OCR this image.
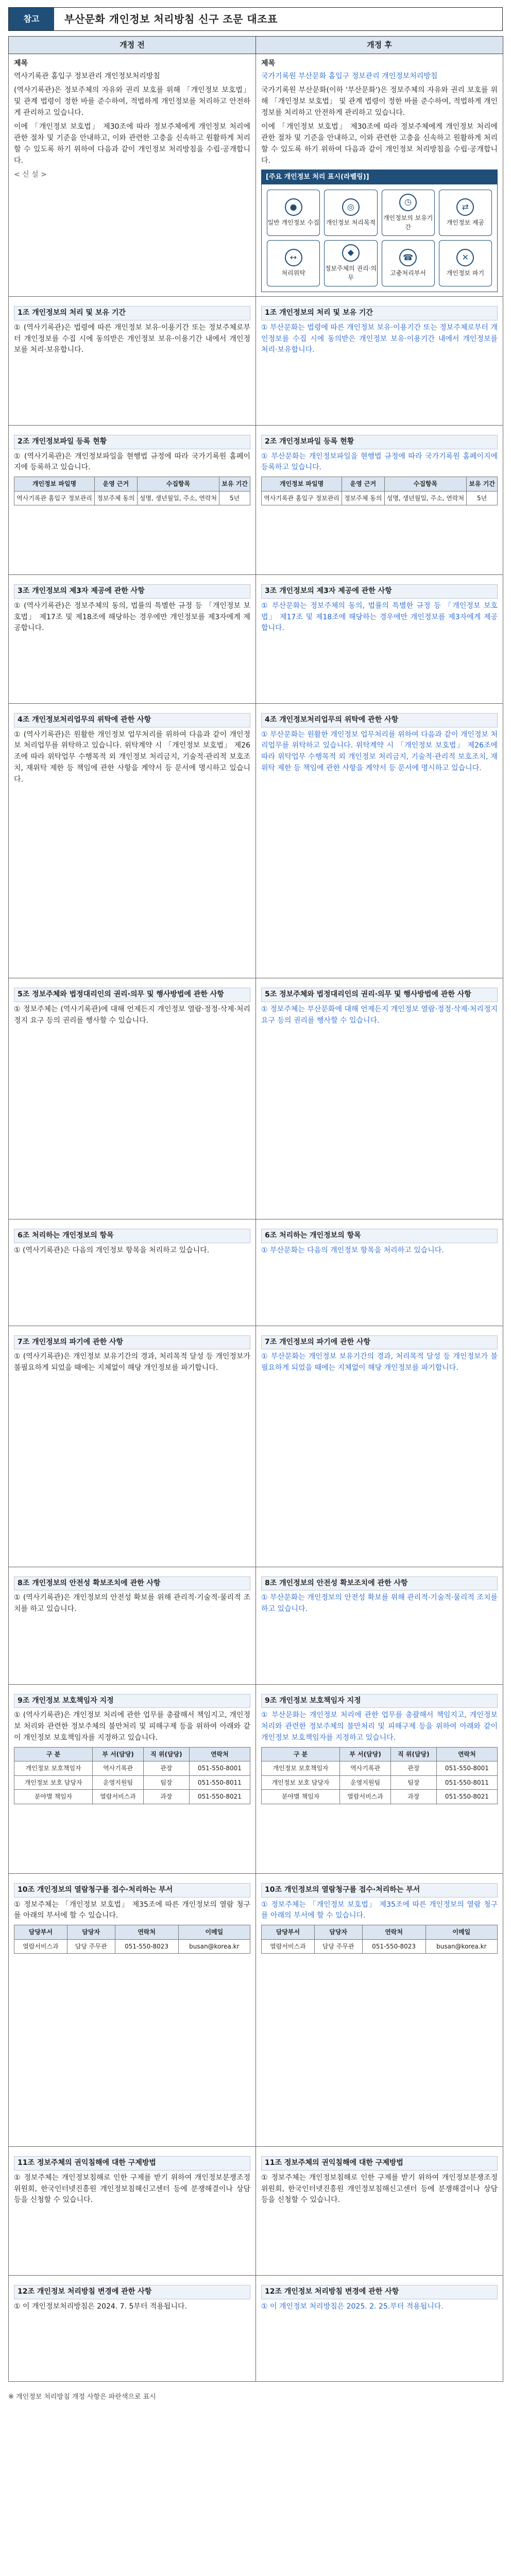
참고	부산문화 개인정보 처리방침 신구 조문 대조표
개정 전	개정 후

제목
역사기록관 홈입구 정보관리 개인정보처리방침
(역사기록관)은 정보주체의 자유와 권리 보호를 위해 「개인정보 보호법」 및 관계 법령이 정한 바를 준수하여, 적법하게 개인정보를 처리하고 안전하게 관리하고 있습니다.
이에 「개인정보 보호법」 제30조에 따라 정보주체에게 개인정보 처리에 관한 절차 및 기준을 안내하고, 이와 관련한 고충을 신속하고 원활하게 처리할 수 있도록 하기 위하여 다음과 같이 개인정보 처리방침을 수립·공개합니다.
< 신 설 >

제목
국가기록원 부산문화 홈입구 정보관리 개인정보처리방침
국가기록원 부산문화(이하 '부산문화')은 정보주체의 자유와 권리 보호를 위해 「개인정보 보호법」 및 관계 법령이 정한 바를 준수하여, 적법하게 개인정보를 처리하고 안전하게 관리하고 있습니다.
이에 「개인정보 보호법」 제30조에 따라 정보주체에게 개인정보 처리에 관한 절차 및 기준을 안내하고, 이와 관련한 고충을 신속하고 원활하게 처리할 수 있도록 하기 위하여 다음과 같이 개인정보 처리방침을 수립·공개합니다.
[주요 개인정보 처리 표시(라벨링)]
●
일반 개인정보 수집
◎
개인정보 처리목적
◷
개인정보의 보유기간
⇄
개인정보 제공
↔
처리위탁
◆
정보주체의 권리·의무
☎
고충처리부서
✕
개인정보 파기

1조 개인정보의 처리 및 보유 기간
① (역사기록관)은 법령에 따른 개인정보 보유·이용기간 또는 정보주체로부터 개인정보를 수집 시에 동의받은 개인정보 보유·이용기간 내에서 개인정보를 처리·보유합니다.

1조 개인정보의 처리 및 보유 기간
① 부산문화는 법령에 따른 개인정보 보유·이용기간 또는 정보주체로부터 개인정보를 수집 시에 동의받은 개인정보 보유·이용기간 내에서 개인정보를 처리·보유합니다.

2조 개인정보파일 등록 현황
① (역사기록관)은 개인정보파일을 현행법 규정에 따라 국가기록원 홈페이지에 등록하고 있습니다.
개인정보 파일명	운영 근거	수집항목	보유 기간
역사기록관 홈입구 정보관리	정보주체 동의	성명, 생년월일, 주소, 연락처	5년

2조 개인정보파일 등록 현황
① 부산문화는 개인정보파일을 현행법 규정에 따라 국가기록원 홈페이지에 등록하고 있습니다.
개인정보 파일명	운영 근거	수집항목	보유 기간
역사기록관 홈입구 정보관리	정보주체 동의	성명, 생년월일, 주소, 연락처	5년

3조 개인정보의 제3자 제공에 관한 사항
① (역사기록관)은 정보주체의 동의, 법률의 특별한 규정 등 「개인정보 보호법」 제17조 및 제18조에 해당하는 경우에만 개인정보를 제3자에게 제공합니다.

3조 개인정보의 제3자 제공에 관한 사항
① 부산문화는 정보주체의 동의, 법률의 특별한 규정 등 「개인정보 보호법」 제17조 및 제18조에 해당하는 경우에만 개인정보를 제3자에게 제공합니다.

4조 개인정보처리업무의 위탁에 관한 사항
① (역사기록관)은 원활한 개인정보 업무처리를 위하여 다음과 같이 개인정보 처리업무를 위탁하고 있습니다. 위탁계약 시 「개인정보 보호법」 제26조에 따라 위탁업무 수행목적 외 개인정보 처리금지, 기술적·관리적 보호조치, 재위탁 제한 등 책임에 관한 사항을 계약서 등 문서에 명시하고 있습니다.

4조 개인정보처리업무의 위탁에 관한 사항
① 부산문화는 원활한 개인정보 업무처리를 위하여 다음과 같이 개인정보 처리업무를 위탁하고 있습니다. 위탁계약 시 「개인정보 보호법」 제26조에 따라 위탁업무 수행목적 외 개인정보 처리금지, 기술적·관리적 보호조치, 재위탁 제한 등 책임에 관한 사항을 계약서 등 문서에 명시하고 있습니다.

5조 정보주체와 법정대리인의 권리·의무 및 행사방법에 관한 사항
① 정보주체는 (역사기록관)에 대해 언제든지 개인정보 열람·정정·삭제·처리정지 요구 등의 권리를 행사할 수 있습니다.

5조 정보주체와 법정대리인의 권리·의무 및 행사방법에 관한 사항
① 정보주체는 부산문화에 대해 언제든지 개인정보 열람·정정·삭제·처리정지 요구 등의 권리를 행사할 수 있습니다.

6조 처리하는 개인정보의 항목
① (역사기록관)은 다음의 개인정보 항목을 처리하고 있습니다.

6조 처리하는 개인정보의 항목
① 부산문화는 다음의 개인정보 항목을 처리하고 있습니다.

7조 개인정보의 파기에 관한 사항
① (역사기록관)은 개인정보 보유기간의 경과, 처리목적 달성 등 개인정보가 불필요하게 되었을 때에는 지체없이 해당 개인정보를 파기합니다.

7조 개인정보의 파기에 관한 사항
① 부산문화는 개인정보 보유기간의 경과, 처리목적 달성 등 개인정보가 불필요하게 되었을 때에는 지체없이 해당 개인정보를 파기합니다.

8조 개인정보의 안전성 확보조치에 관한 사항
① (역사기록관)은 개인정보의 안전성 확보를 위해 관리적·기술적·물리적 조치를 하고 있습니다.

8조 개인정보의 안전성 확보조치에 관한 사항
① 부산문화는 개인정보의 안전성 확보를 위해 관리적·기술적·물리적 조치를 하고 있습니다.

9조 개인정보 보호책임자 지정
① (역사기록관)은 개인정보 처리에 관한 업무를 총괄해서 책임지고, 개인정보 처리와 관련한 정보주체의 불만처리 및 피해구제 등을 위하여 아래와 같이 개인정보 보호책임자를 지정하고 있습니다.
구 분	부 서(담당)	직 위(담당)	연락처
개인정보 보호책임자	역사기록관	관장	051-550-8001
개인정보 보호 담당자	운영지원팀	팀장	051-550-8011
분야별 책임자	열람서비스과	과장	051-550-8021

9조 개인정보 보호책임자 지정
① 부산문화는 개인정보 처리에 관한 업무를 총괄해서 책임지고, 개인정보 처리와 관련한 정보주체의 불만처리 및 피해구제 등을 위하여 아래와 같이 개인정보 보호책임자를 지정하고 있습니다.
구 분	부 서(담당)	직 위(담당)	연락처
개인정보 보호책임자	역사기록관	관장	051-550-8001
개인정보 보호 담당자	운영지원팀	팀장	051-550-8011
분야별 책임자	열람서비스과	과장	051-550-8021

10조 개인정보의 열람청구를 접수·처리하는 부서
① 정보주체는 「개인정보 보호법」 제35조에 따른 개인정보의 열람 청구를 아래의 부서에 할 수 있습니다.
담당부서	담당자	연락처	이메일
열람서비스과	담당 주무관	051-550-8023	busan@korea.kr

10조 개인정보의 열람청구를 접수·처리하는 부서
① 정보주체는 「개인정보 보호법」 제35조에 따른 개인정보의 열람 청구를 아래의 부서에 할 수 있습니다.
담당부서	담당자	연락처	이메일
열람서비스과	담당 주무관	051-550-8023	busan@korea.kr

11조 정보주체의 권익침해에 대한 구제방법
① 정보주체는 개인정보침해로 인한 구제를 받기 위하여 개인정보분쟁조정위원회, 한국인터넷진흥원 개인정보침해신고센터 등에 분쟁해결이나 상담 등을 신청할 수 있습니다.

11조 정보주체의 권익침해에 대한 구제방법
① 정보주체는 개인정보침해로 인한 구제를 받기 위하여 개인정보분쟁조정위원회, 한국인터넷진흥원 개인정보침해신고센터 등에 분쟁해결이나 상담 등을 신청할 수 있습니다.

12조 개인정보 처리방침 변경에 관한 사항
① 이 개인정보처리방침은 2024. 7. 5부터 적용됩니다.

12조 개인정보 처리방침 변경에 관한 사항
① 이 개인정보 처리방침은 2025. 2. 25.부터 적용됩니다.
※ 개인정보 처리방침 개정 사항은 파란색으로 표시
